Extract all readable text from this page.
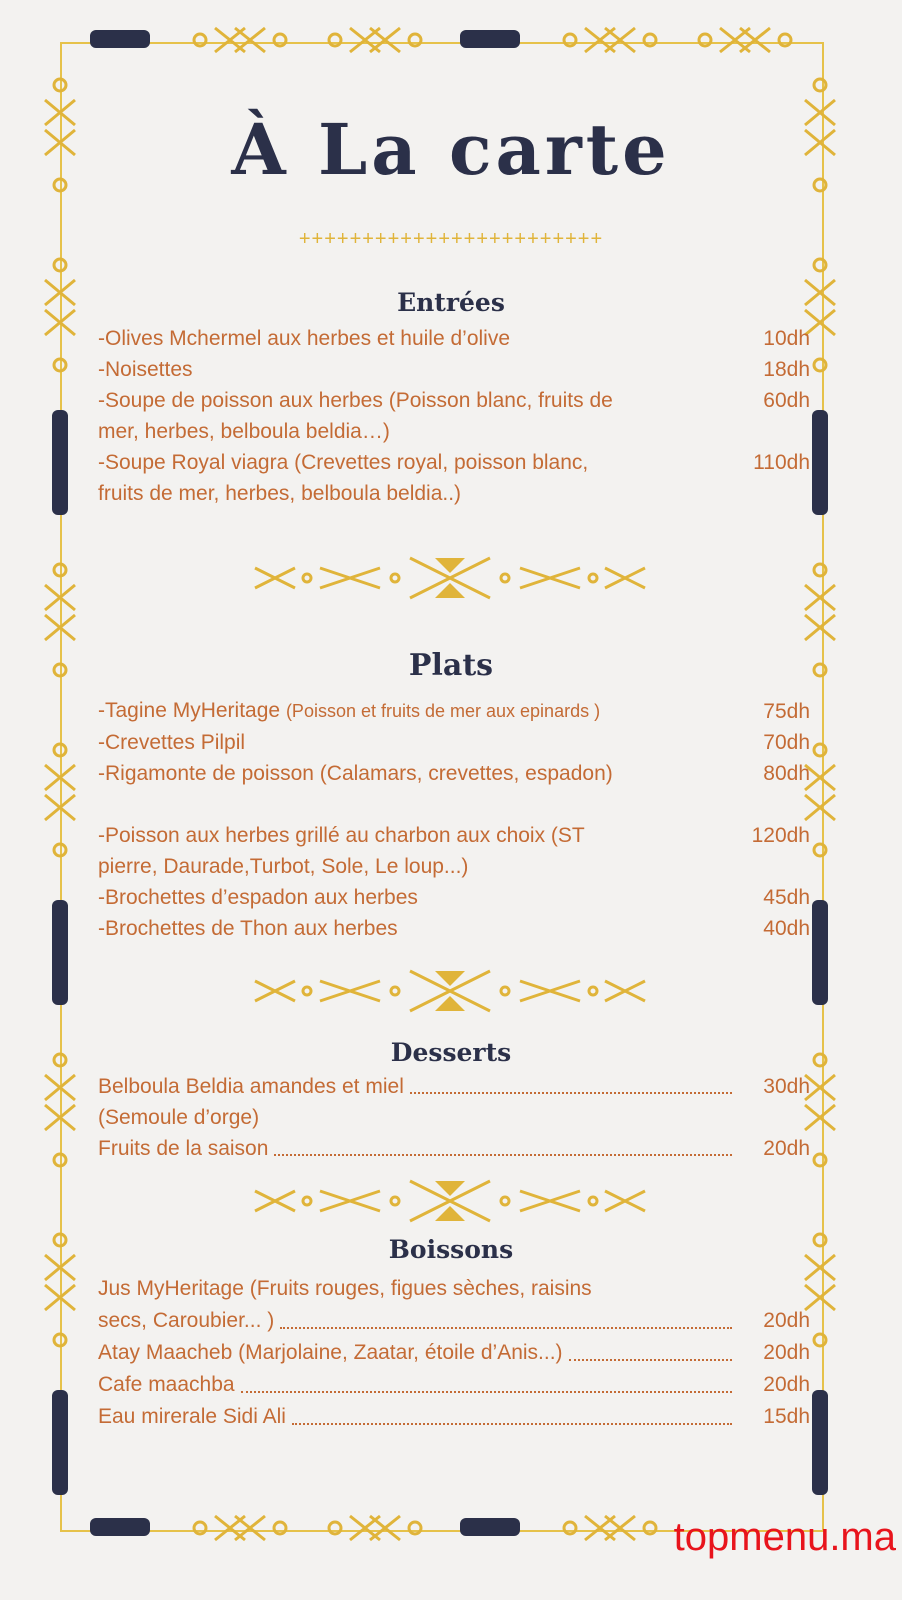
À La carte
++++++++++++++++++++++++
Entrées
-Olives Mchermel aux herbes et huile d’olive	10dh
-Noisettes	18dh
-Soupe de poisson aux herbes (Poisson blanc, fruits de	60dh
mer, herbes, belboula beldia…)
-Soupe Royal viagra (Crevettes royal, poisson blanc,	110dh
fruits de mer, herbes, belboula beldia..)
Plats
-Tagine MyHeritage (Poisson et fruits de mer aux epinards )	75dh
-Crevettes Pilpil	70dh
-Rigamonte de poisson (Calamars, crevettes, espadon)	80dh
-Poisson aux herbes grillé au charbon aux choix (ST	120dh
pierre, Daurade,Turbot, Sole, Le loup...)
-Brochettes d’espadon aux herbes	45dh
-Brochettes de Thon aux herbes	40dh
Desserts
Belboula Beldia amandes et miel	30dh
(Semoule d’orge)
Fruits de la saison	20dh
Boissons
Jus MyHeritage (Fruits rouges, figues sèches, raisins
secs, Caroubier... )	20dh
Atay Maacheb (Marjolaine, Zaatar, étoile d’Anis...)	20dh
Cafe maachba	20dh
Eau mirerale Sidi Ali	15dh
topmenu.ma
